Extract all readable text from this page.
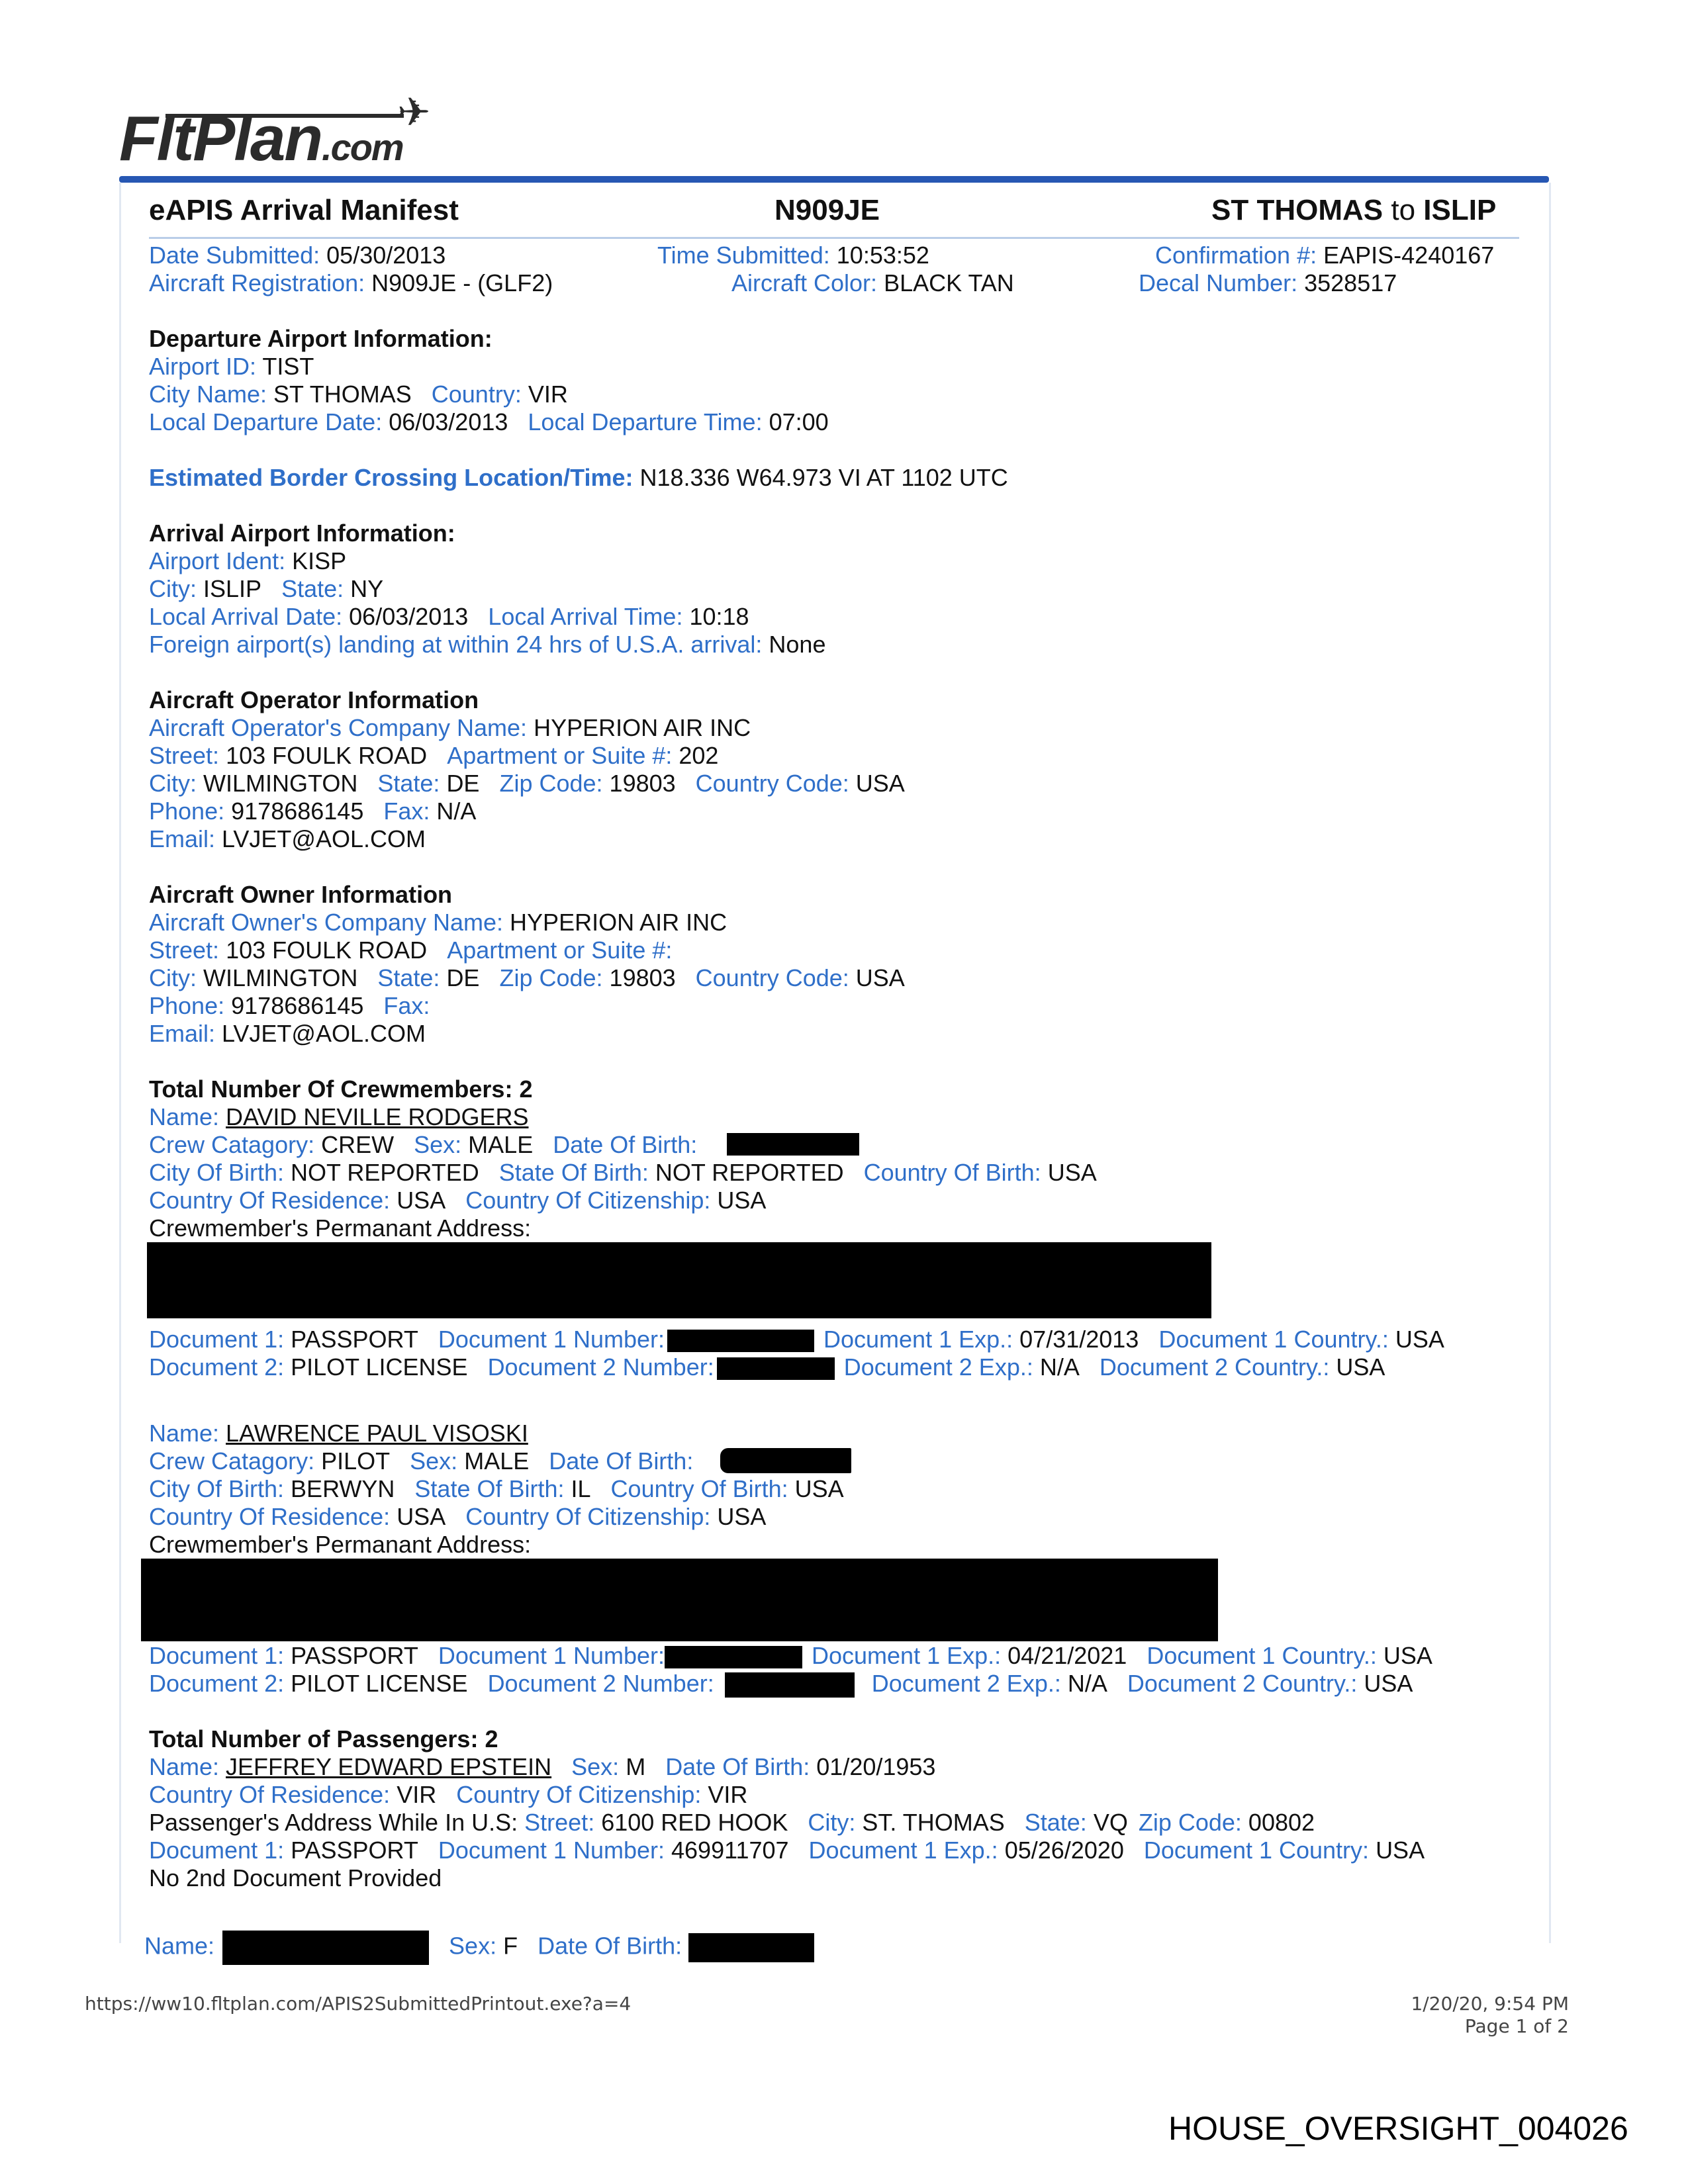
✈
FltPlan.com
eAPIS Arrival Manifest	N909JE	ST THOMAS to ISLIP
Date Submitted: 05/30/2013	Time Submitted: 10:53:52	Confirmation #: EAPIS-4240167
Aircraft Registration: N909JE - (GLF2)	Aircraft Color: BLACK TAN	Decal Number: 3528517
Departure Airport Information:
Airport ID: TIST
City Name: ST THOMAS Country: VIR
Local Departure Date: 06/03/2013 Local Departure Time: 07:00
Estimated Border Crossing Location/Time: N18.336 W64.973 VI AT 1102 UTC
Arrival Airport Information:
Airport Ident: KISP
City: ISLIP State: NY
Local Arrival Date: 06/03/2013 Local Arrival Time: 10:18
Foreign airport(s) landing at within 24 hrs of U.S.A. arrival: None
Aircraft Operator Information
Aircraft Operator's Company Name: HYPERION AIR INC
Street: 103 FOULK ROAD Apartment or Suite #: 202
City: WILMINGTON State: DE Zip Code: 19803 Country Code: USA
Phone: 9178686145 Fax: N/A
Email: LVJET@AOL.COM
Aircraft Owner Information
Aircraft Owner's Company Name: HYPERION AIR INC
Street: 103 FOULK ROAD Apartment or Suite #:
City: WILMINGTON State: DE Zip Code: 19803 Country Code: USA
Phone: 9178686145 Fax:
Email: LVJET@AOL.COM
Total Number Of Crewmembers: 2
Name: DAVID NEVILLE RODGERS
Crew Catagory: CREW Sex: MALE Date Of Birth:
City Of Birth: NOT REPORTED State Of Birth: NOT REPORTED Country Of Birth: USA
Country Of Residence: USA Country Of Citizenship: USA
Crewmember's Permanant Address:
Document 1: PASSPORT Document 1 Number:	Document 1 Exp.: 07/31/2013 Document 1 Country.: USA
Document 2: PILOT LICENSE Document 2 Number:	Document 2 Exp.: N/A Document 2 Country.: USA
Name: LAWRENCE PAUL VISOSKI
Crew Catagory: PILOT Sex: MALE Date Of Birth:
City Of Birth: BERWYN State Of Birth: IL Country Of Birth: USA
Country Of Residence: USA Country Of Citizenship: USA
Crewmember's Permanant Address:
Document 1: PASSPORT Document 1 Number:	Document 1 Exp.: 04/21/2021 Document 1 Country.: USA
Document 2: PILOT LICENSE Document 2 Number:	Document 2 Exp.: N/A Document 2 Country.: USA
Total Number of Passengers: 2
Name: JEFFREY EDWARD EPSTEIN Sex: M Date Of Birth: 01/20/1953
Country Of Residence: VIR Country Of Citizenship: VIR
Passenger's Address While In U.S: Street: 6100 RED HOOK City: ST. THOMAS State: VQ Zip Code: 00802
Document 1: PASSPORT Document 1 Number: 469911707 Document 1 Exp.: 05/26/2020 Document 1 Country: USA
No 2nd Document Provided
Name:	Sex: F Date Of Birth:
https://ww10.fltplan.com/APIS2SubmittedPrintout.exe?a=4	1/20/20, 9:54 PM
Page 1 of 2
HOUSE_OVERSIGHT_004026
